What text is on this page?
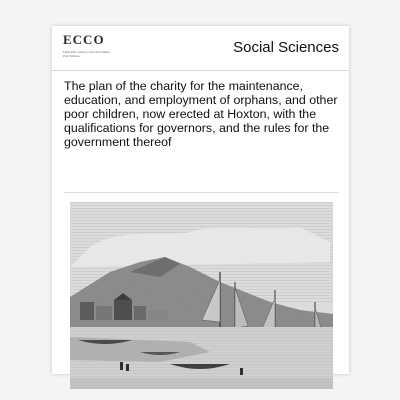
ECCO
Eighteenth Century Collections Online Print Editions	Social Sciences
The plan of the charity for the maintenance, education, and employment of orphans, and other poor children, now erected at Hoxton, with the qualifications for governors, and the rules for the government thereof
